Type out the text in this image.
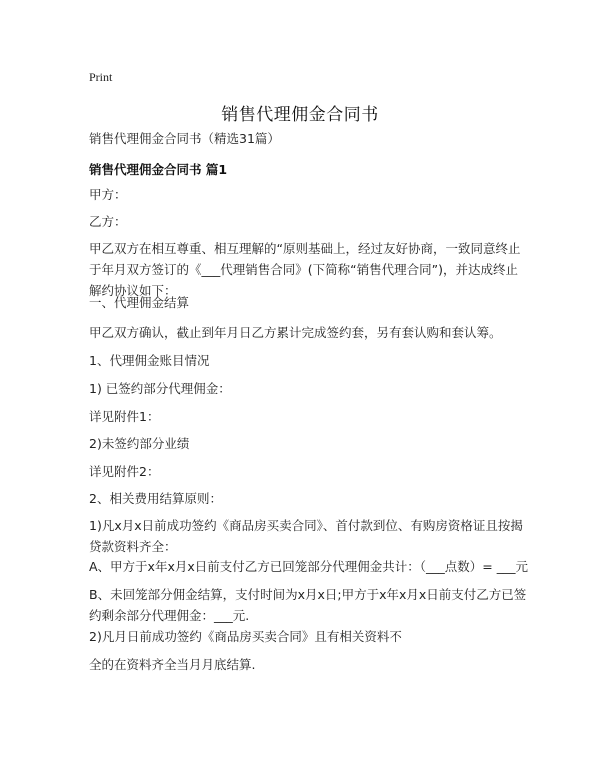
Print
销售代理佣金合同书
销售代理佣金合同书（精选31篇）
销售代理佣金合同书 篇1
甲方：
乙方：
甲乙双方在相互尊重、相互理解的“原则基础上，经过友好协商，一致同意终止于年月双方签订的《___代理销售合同》(下简称“销售代理合同”)，并达成终止解约协议如下：
一、代理佣金结算
甲乙双方确认，截止到年月日乙方累计完成签约套，另有套认购和套认筹。
1、代理佣金账目情况
1) 已签约部分代理佣金：
详见附件1：
2)未签约部分业绩
详见附件2：
2、相关费用结算原则：
1)凡x月x日前成功签约《商品房买卖合同》、首付款到位、有购房资格证且按揭贷款资料齐全：
A、甲方于x年x月x日前支付乙方已回笼部分代理佣金共计：（___点数）= ___元
B、未回笼部分佣金结算，支付时间为x月x日;甲方于x年x月x日前支付乙方已签约剩余部分代理佣金：___元.
2)凡月日前成功签约《商品房买卖合同》且有相关资料不
全的在资料齐全当月月底结算.
